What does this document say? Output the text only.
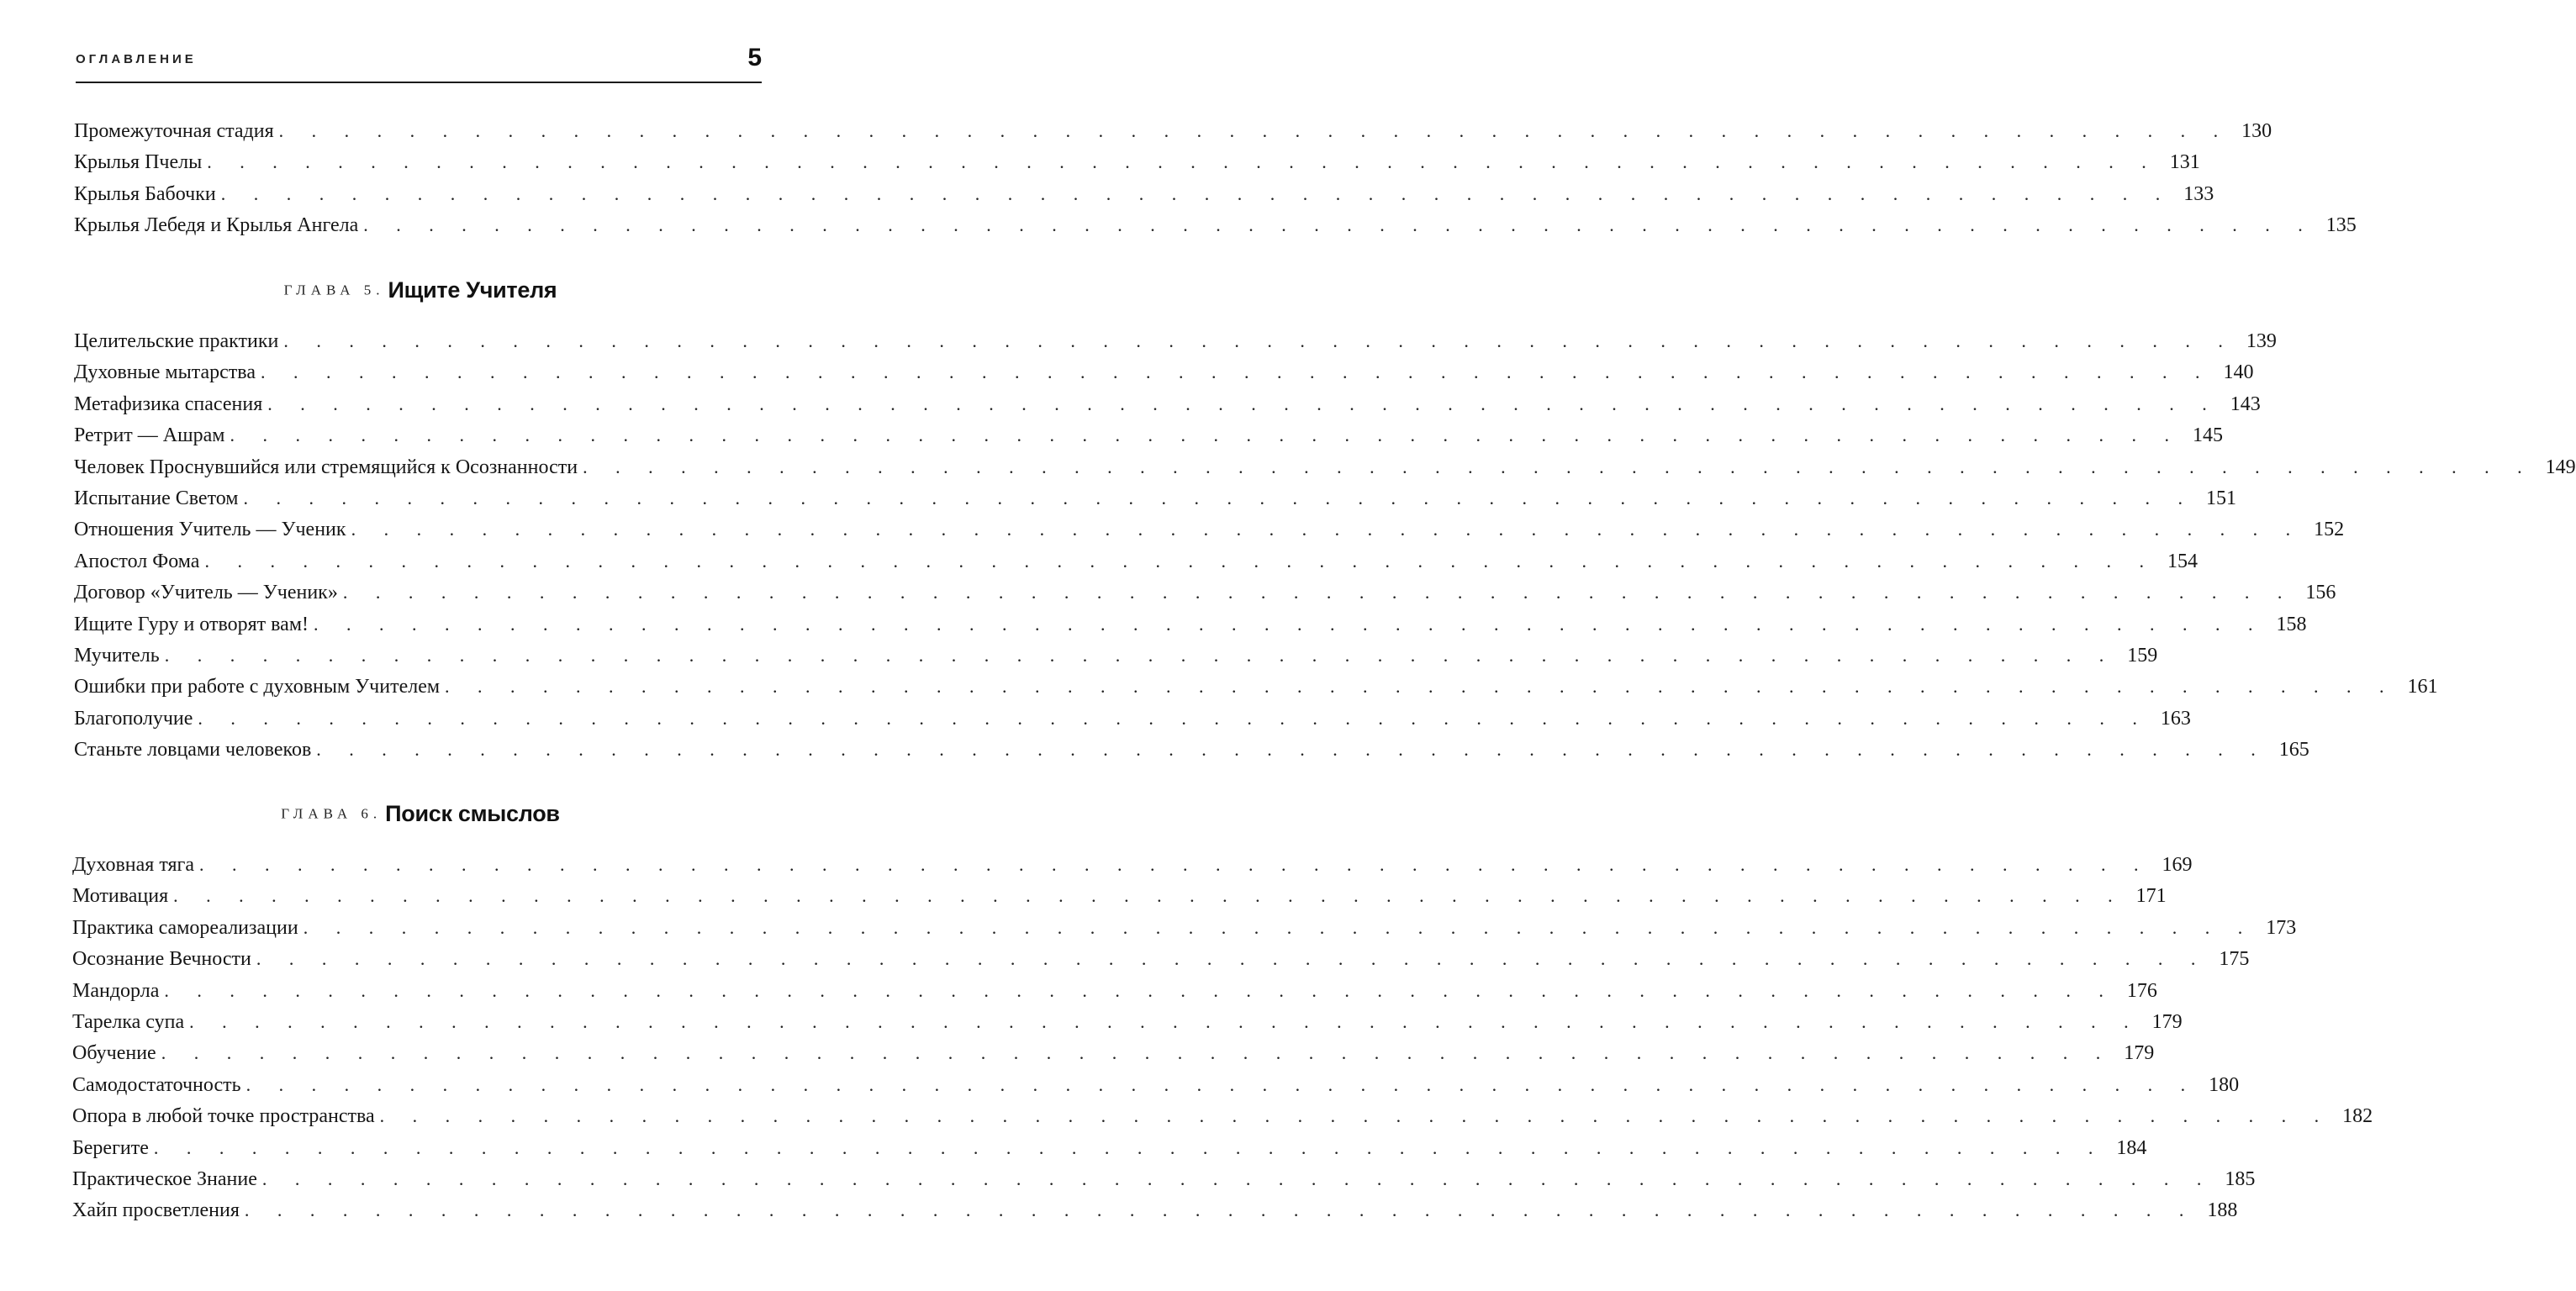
ОГЛАВЛЕНИЕ	5
Промежуточная стадия . . . . . . . . . . . . . . . . . . . . . . . . . . . . . . . . . . . . . . . . . . . . . . . . . . . . . . . . . . . . 130
Крылья Пчелы . . . . . . . . . . . . . . . . . . . . . . . . . . . . . . . . . . . . . . . . . . . . . . . . . . . . . . . . . . . . 131
Крылья Бабочки . . . . . . . . . . . . . . . . . . . . . . . . . . . . . . . . . . . . . . . . . . . . . . . . . . . . . . . . . . . . 133
Крылья Лебедя и Крылья Ангела . . . . . . . . . . . . . . . . . . . . . . . . . . . . . . . . . . . . . . . . . . . . . . . . . . . . . . . . . . . . 135
ГЛАВА 5. Ищите Учителя
Целительские практики . . . . . . . . . . . . . . . . . . . . . . . . . . . . . . . . . . . . . . . . . . . . . . . . . . . . . . . . . . . . 139
Духовные мытарства . . . . . . . . . . . . . . . . . . . . . . . . . . . . . . . . . . . . . . . . . . . . . . . . . . . . . . . . . . . . 140
Метафизика спасения . . . . . . . . . . . . . . . . . . . . . . . . . . . . . . . . . . . . . . . . . . . . . . . . . . . . . . . . . . . . 143
Ретрит — Ашрам . . . . . . . . . . . . . . . . . . . . . . . . . . . . . . . . . . . . . . . . . . . . . . . . . . . . . . . . . . . . 145
Человек Проснувшийся или стремящийся к Осознанности . . . . . . . . . . . . . . . . . . . . . . . . . . . . . . . . . . . . . . . . . . . . . . . . . . . . . . . . . . . . 149
Испытание Светом . . . . . . . . . . . . . . . . . . . . . . . . . . . . . . . . . . . . . . . . . . . . . . . . . . . . . . . . . . . . 151
Отношения Учитель — Ученик . . . . . . . . . . . . . . . . . . . . . . . . . . . . . . . . . . . . . . . . . . . . . . . . . . . . . . . . . . . . 152
Апостол Фома . . . . . . . . . . . . . . . . . . . . . . . . . . . . . . . . . . . . . . . . . . . . . . . . . . . . . . . . . . . . 154
Договор «Учитель — Ученик» . . . . . . . . . . . . . . . . . . . . . . . . . . . . . . . . . . . . . . . . . . . . . . . . . . . . . . . . . . . . 156
Ищите Гуру и отворят вам! . . . . . . . . . . . . . . . . . . . . . . . . . . . . . . . . . . . . . . . . . . . . . . . . . . . . . . . . . . . . 158
Мучитель . . . . . . . . . . . . . . . . . . . . . . . . . . . . . . . . . . . . . . . . . . . . . . . . . . . . . . . . . . . . 159
Ошибки при работе с духовным Учителем . . . . . . . . . . . . . . . . . . . . . . . . . . . . . . . . . . . . . . . . . . . . . . . . . . . . . . . . . . . . 161
Благополучие . . . . . . . . . . . . . . . . . . . . . . . . . . . . . . . . . . . . . . . . . . . . . . . . . . . . . . . . . . . . 163
Станьте ловцами человеков . . . . . . . . . . . . . . . . . . . . . . . . . . . . . . . . . . . . . . . . . . . . . . . . . . . . . . . . . . . . 165
ГЛАВА 6. Поиск смыслов
Духовная тяга . . . . . . . . . . . . . . . . . . . . . . . . . . . . . . . . . . . . . . . . . . . . . . . . . . . . . . . . . . . . 169
Мотивация . . . . . . . . . . . . . . . . . . . . . . . . . . . . . . . . . . . . . . . . . . . . . . . . . . . . . . . . . . . . 171
Практика самореализации . . . . . . . . . . . . . . . . . . . . . . . . . . . . . . . . . . . . . . . . . . . . . . . . . . . . . . . . . . . . 173
Осознание Вечности . . . . . . . . . . . . . . . . . . . . . . . . . . . . . . . . . . . . . . . . . . . . . . . . . . . . . . . . . . . . 175
Мандорла . . . . . . . . . . . . . . . . . . . . . . . . . . . . . . . . . . . . . . . . . . . . . . . . . . . . . . . . . . . . 176
Тарелка супа . . . . . . . . . . . . . . . . . . . . . . . . . . . . . . . . . . . . . . . . . . . . . . . . . . . . . . . . . . . . 179
Обучение . . . . . . . . . . . . . . . . . . . . . . . . . . . . . . . . . . . . . . . . . . . . . . . . . . . . . . . . . . . . 179
Самодостаточность . . . . . . . . . . . . . . . . . . . . . . . . . . . . . . . . . . . . . . . . . . . . . . . . . . . . . . . . . . . . 180
Опора в любой точке пространства . . . . . . . . . . . . . . . . . . . . . . . . . . . . . . . . . . . . . . . . . . . . . . . . . . . . . . . . . . . . 182
Берегите . . . . . . . . . . . . . . . . . . . . . . . . . . . . . . . . . . . . . . . . . . . . . . . . . . . . . . . . . . . . 184
Практическое Знание . . . . . . . . . . . . . . . . . . . . . . . . . . . . . . . . . . . . . . . . . . . . . . . . . . . . . . . . . . . . 185
Хайп просветления . . . . . . . . . . . . . . . . . . . . . . . . . . . . . . . . . . . . . . . . . . . . . . . . . . . . . . . . . . . . 188
